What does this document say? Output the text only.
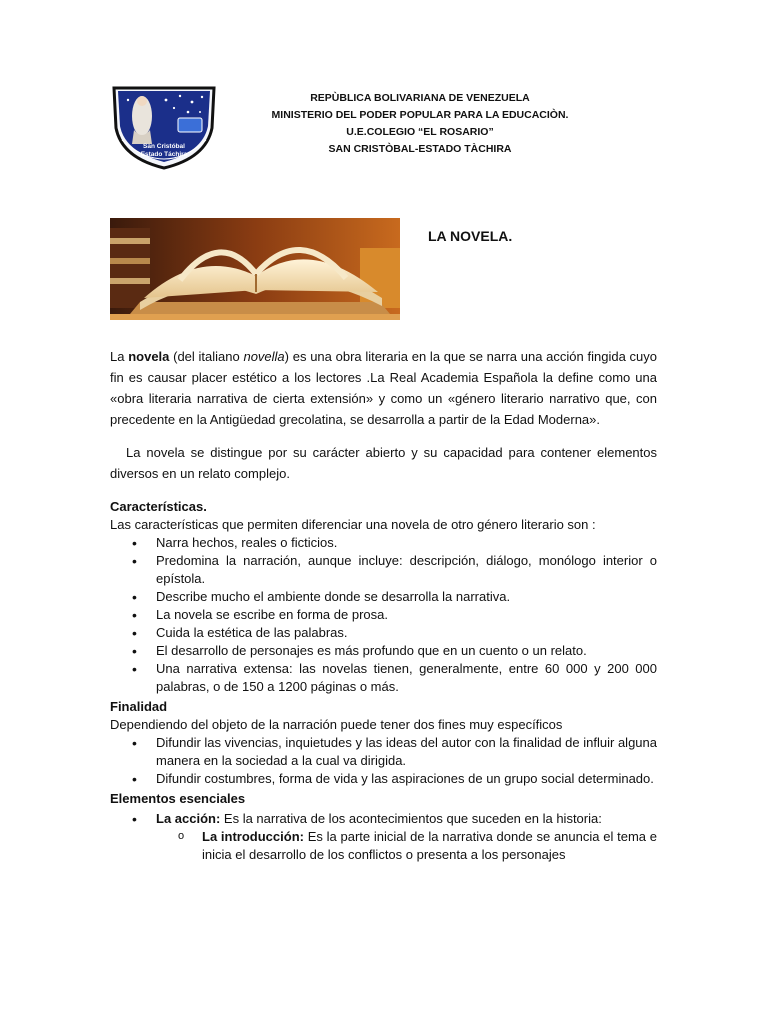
San Cristóbal
Estado Táchira
REPÙBLICA BOLIVARIANA DE VENEZUELA
MINISTERIO DEL PODER POPULAR PARA LA EDUCACIÒN.
U.E.COLEGIO “EL ROSARIO”
SAN CRISTÒBAL-ESTADO TÀCHIRA
LA NOVELA.

La novela (del italiano novella) es una obra literaria en la que se narra una acción fingida cuyo fin es causar placer estético a los lectores .La Real Academia Española la define como una «obra literaria narrativa de cierta extensión» y como un «género literario narrativo que, con precedente en la Antigüedad grecolatina, se desarrolla a partir de la Edad Moderna».

La novela se distingue por su carácter abierto y su capacidad para contener elementos diversos en un relato complejo.

Características.
Las características que permiten diferenciar una novela de otro género literario son :
• Narra hechos, reales o ficticios.
• Predomina la narración, aunque incluye: descripción, diálogo, monólogo interior o epístola.
• Describe mucho el ambiente donde se desarrolla la narrativa.
• La novela se escribe en forma de prosa.
• Cuida la estética de las palabras.
• El desarrollo de personajes es más profundo que en un cuento o un relato.
• Una narrativa extensa: las novelas tienen, generalmente, entre 60 000 y 200 000 palabras, o de 150 a 1200 páginas o más.
Finalidad
Dependiendo del objeto de la narración puede tener dos fines muy específicos
• Difundir las vivencias, inquietudes y las ideas del autor con la finalidad de influir alguna manera en la sociedad a la cual va dirigida.
• Difundir costumbres, forma de vida y las aspiraciones de un grupo social determinado.
Elementos esenciales
• La acción: Es la narrativa de los acontecimientos que suceden en la historia:
o La introducción: Es la parte inicial de la narrativa donde se anuncia el tema e inicia el desarrollo de los conflictos o presenta a los personajes
